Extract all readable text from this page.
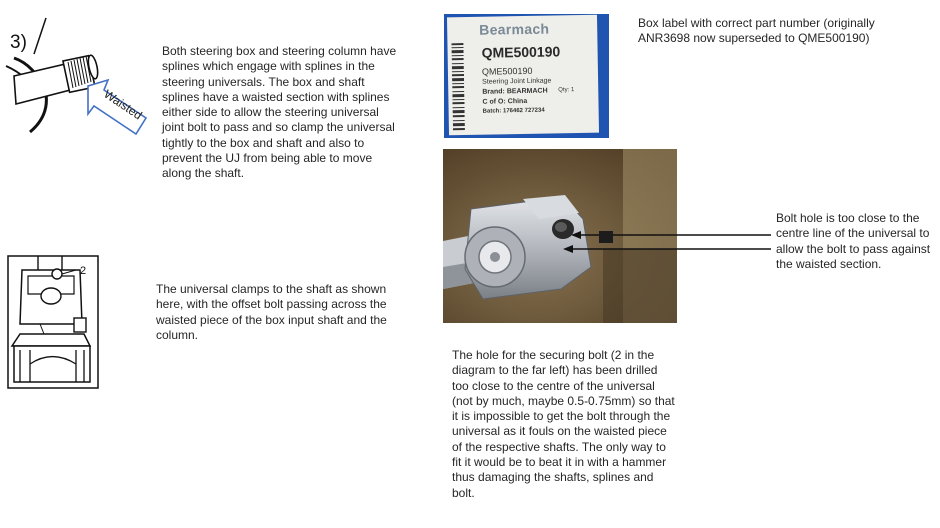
3)
Waisted
Both steering box and steering column have splines which engage with splines in the steering universals. The box and shaft splines have a waisted section with splines either side to allow the steering universal joint bolt to pass and so clamp the universal tightly to the box and shaft and also to prevent the UJ from being able to move along the shaft.
2
The universal clamps to the shaft as shown here, with the offset bolt passing across the waisted piece of the box input shaft and the column.
Bearmach
QME500190
QME500190
Steering Joint Linkage
Brand: BEARMACH Qty: 1
C of O: China
Batch: 176462 727234
Box label with correct part number (originally ANR3698 now superseded to QME500190)
Bolt hole is too close to the centre line of the universal to allow the bolt to pass against the waisted section.
The hole for the securing bolt (2 in the diagram to the far left) has been drilled too close to the centre of the universal (not by much, maybe 0.5-0.75mm) so that it is impossible to get the bolt through the universal as it fouls on the waisted piece of the respective shafts. The only way to fit it would be to beat it in with a hammer thus damaging the shafts, splines and bolt.
